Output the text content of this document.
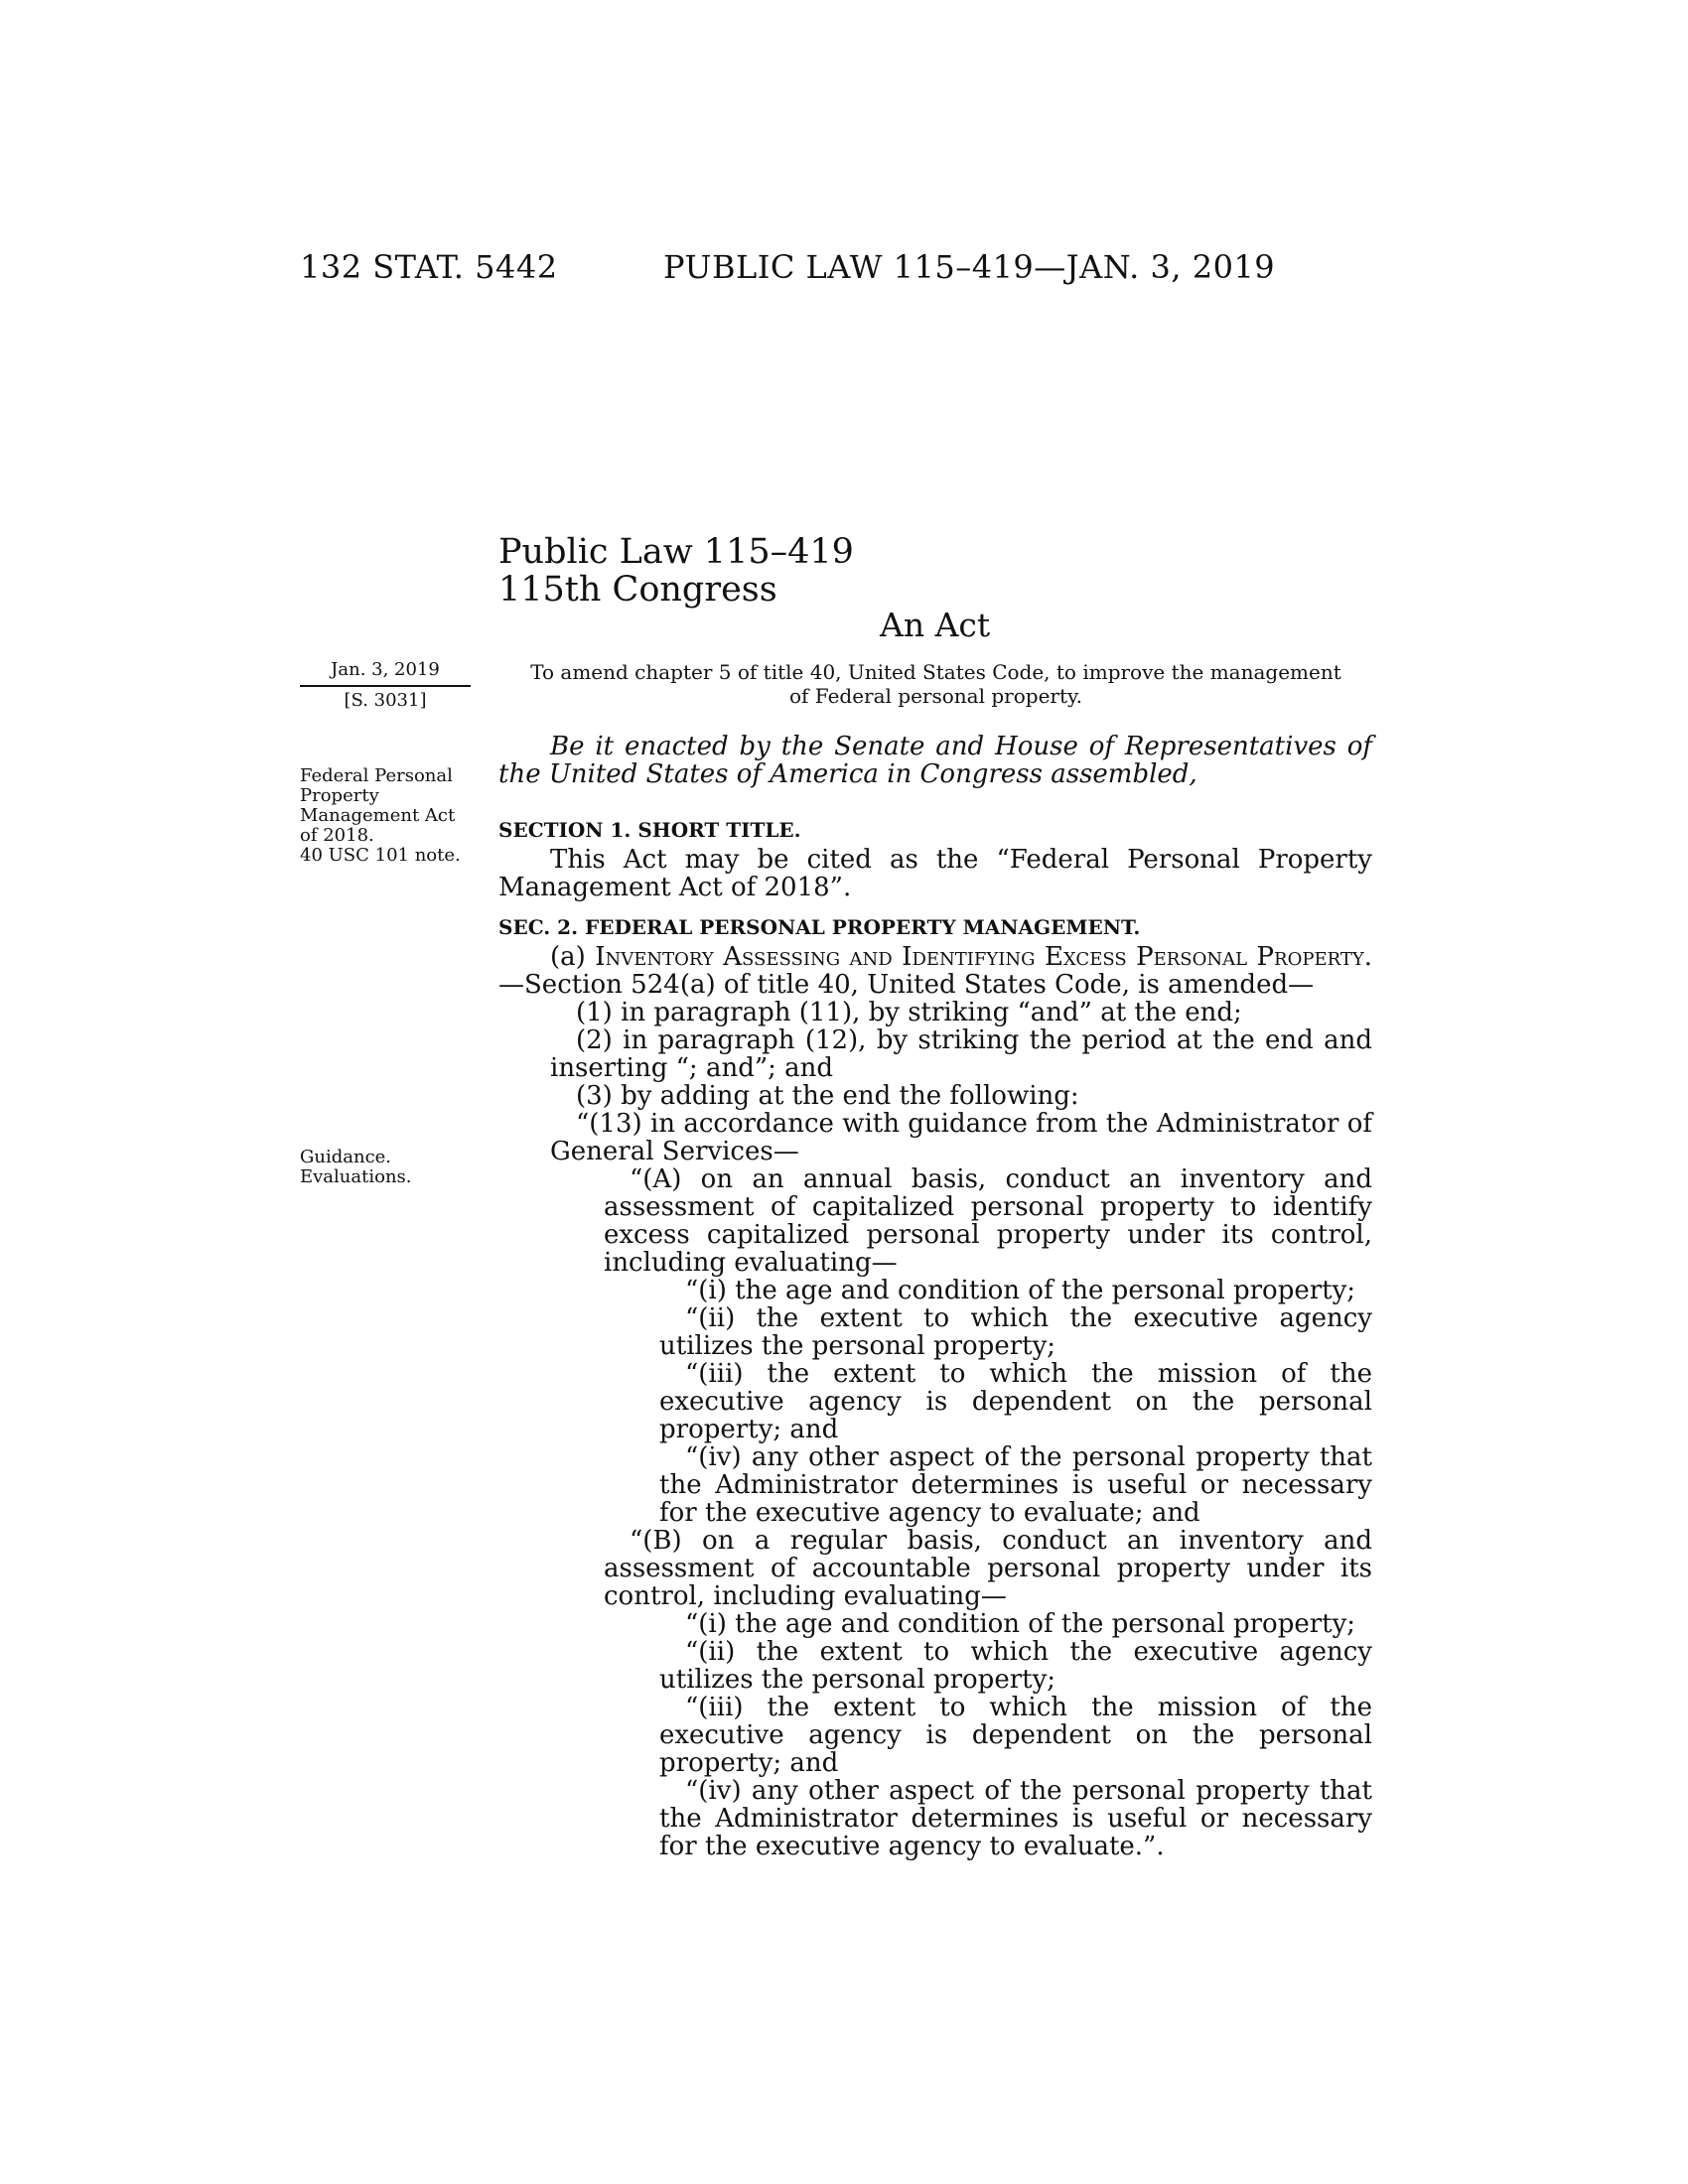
132 STAT. 5442	PUBLIC LAW 115–419—JAN. 3, 2019
Public Law 115–419
115th Congress
An Act
Jan. 3, 2019
[S. 3031]
Federal Personal
Property
Management Act
of 2018.
40 USC 101 note.
Guidance.
Evaluations.
To amend chapter 5 of title 40, United States Code, to improve the management
of Federal personal property.
Be it enacted by the Senate and House of Representatives of
the United States of America in Congress assembled,
SECTION 1. SHORT TITLE.
This Act may be cited as the “Federal Personal Property Management Act of 2018”.
SEC. 2. FEDERAL PERSONAL PROPERTY MANAGEMENT.

(a) Inventory Assessing and Identifying Excess Personal Property.—Section 524(a) of title 40, United States Code, is amended—

(1) in paragraph (11), by striking “and” at the end;

(2) in paragraph (12), by striking the period at the end and inserting “; and”; and

(3) by adding at the end the following:

“(13) in accordance with guidance from the Administrator of General Services—

“(A) on an annual basis, conduct an inventory and assessment of capitalized personal property to identify excess capitalized personal property under its control, including evaluating—

“(i) the age and condition of the personal property;

“(ii) the extent to which the executive agency utilizes the personal property;

“(iii) the extent to which the mission of the executive agency is dependent on the personal property; and

“(iv) any other aspect of the personal property that the Administrator determines is useful or necessary for the executive agency to evaluate; and

“(B) on a regular basis, conduct an inventory and assessment of accountable personal property under its control, including evaluating—

“(i) the age and condition of the personal property;

“(ii) the extent to which the executive agency utilizes the personal property;

“(iii) the extent to which the mission of the executive agency is dependent on the personal property; and

“(iv) any other aspect of the personal property that the Administrator determines is useful or necessary for the executive agency to evaluate.”.
